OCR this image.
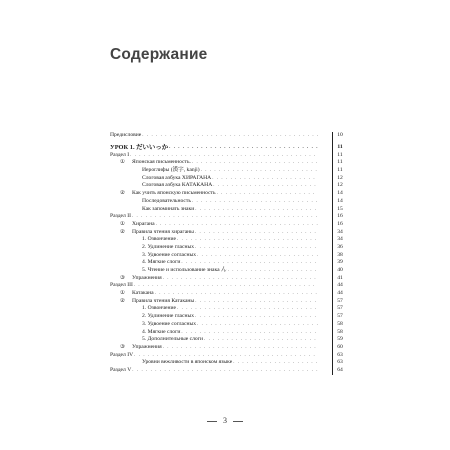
Содержание
Предисловие . . .	10
УРОК 1. だいいっか . . .	11
Раздел I . . .	11
① Японская письменность. . . .	11
Иероглифы (漢字, kanji) . . .	11
Слоговая азбука ХИРАГАНА . . .	12
Слоговая азбука КАТАКАНА . . .	12
② Как учить японскую письменность . . .	14
Последовательность . . .	14
Как запоминать знаки . . .	15
Раздел II . . .	16
① Хирагана . . .	16
② Правила чтения хираганы . . .	34
1. Озвончение . . .	34
2. Удлинение гласных . . .	36
3. Удвоение согласных . . .	38
4. Мягкие слоги . . .	39
5. Чтение и использование знака ん . . .	40
③ Упражнения . . .	41
Раздел III . . .	44
① Катакана . . .	44
② Правила чтения Катаканы . . .	57
1. Озвончение . . .	57
2. Удлинение гласных . . .	57
3. Удвоение согласных . . .	58
4. Мягкие слоги . . .	58
5. Дополнительные слоги . . .	59
③ Упражнения . . .	60
Раздел IV . . .	63
Уровни вежливости в японском языке . . .	63
Раздел V . . .	64
3
